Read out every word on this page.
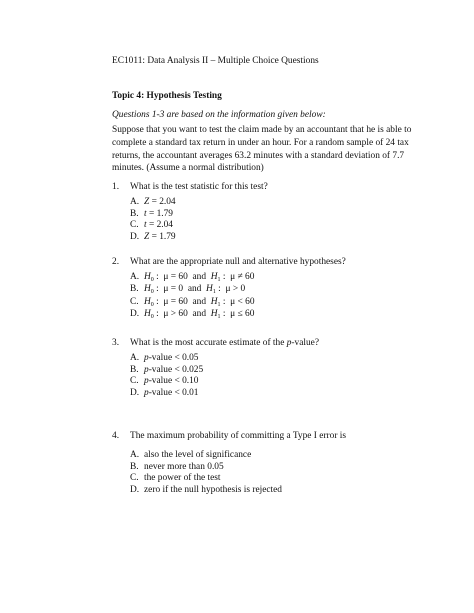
EC1011: Data Analysis II – Multiple Choice Questions
Topic 4: Hypothesis Testing
Questions 1-3 are based on the information given below:
Suppose that you want to test the claim made by an accountant that he is able to complete a standard tax return in under an hour. For a random sample of 24 tax returns, the accountant averages 63.2 minutes with a standard deviation of 7.7 minutes. (Assume a normal distribution)
1. What is the test statistic for this test?
A. Z = 2.04
B. t = 1.79
C. t = 2.04
D. Z = 1.79
2. What are the appropriate null and alternative hypotheses?
A. $H_0$ :  μ = 60 and $H_1$ :  μ ≠ 60
B. $H_0$ :  μ = 0 and $H_1$ :  μ > 0
C. $H_0$ :  μ = 60 and $H_1$ :  μ < 60
D. $H_0$ :  μ > 60 and $H_1$ :  μ ≤ 60
3. What is the most accurate estimate of the p-value?
A. p-value < 0.05
B. p-value < 0.025
C. p-value < 0.10
D. p-value < 0.01
4. The maximum probability of committing a Type I error is
A. also the level of significance
B. never more than 0.05
C. the power of the test
D. zero if the null hypothesis is rejected
